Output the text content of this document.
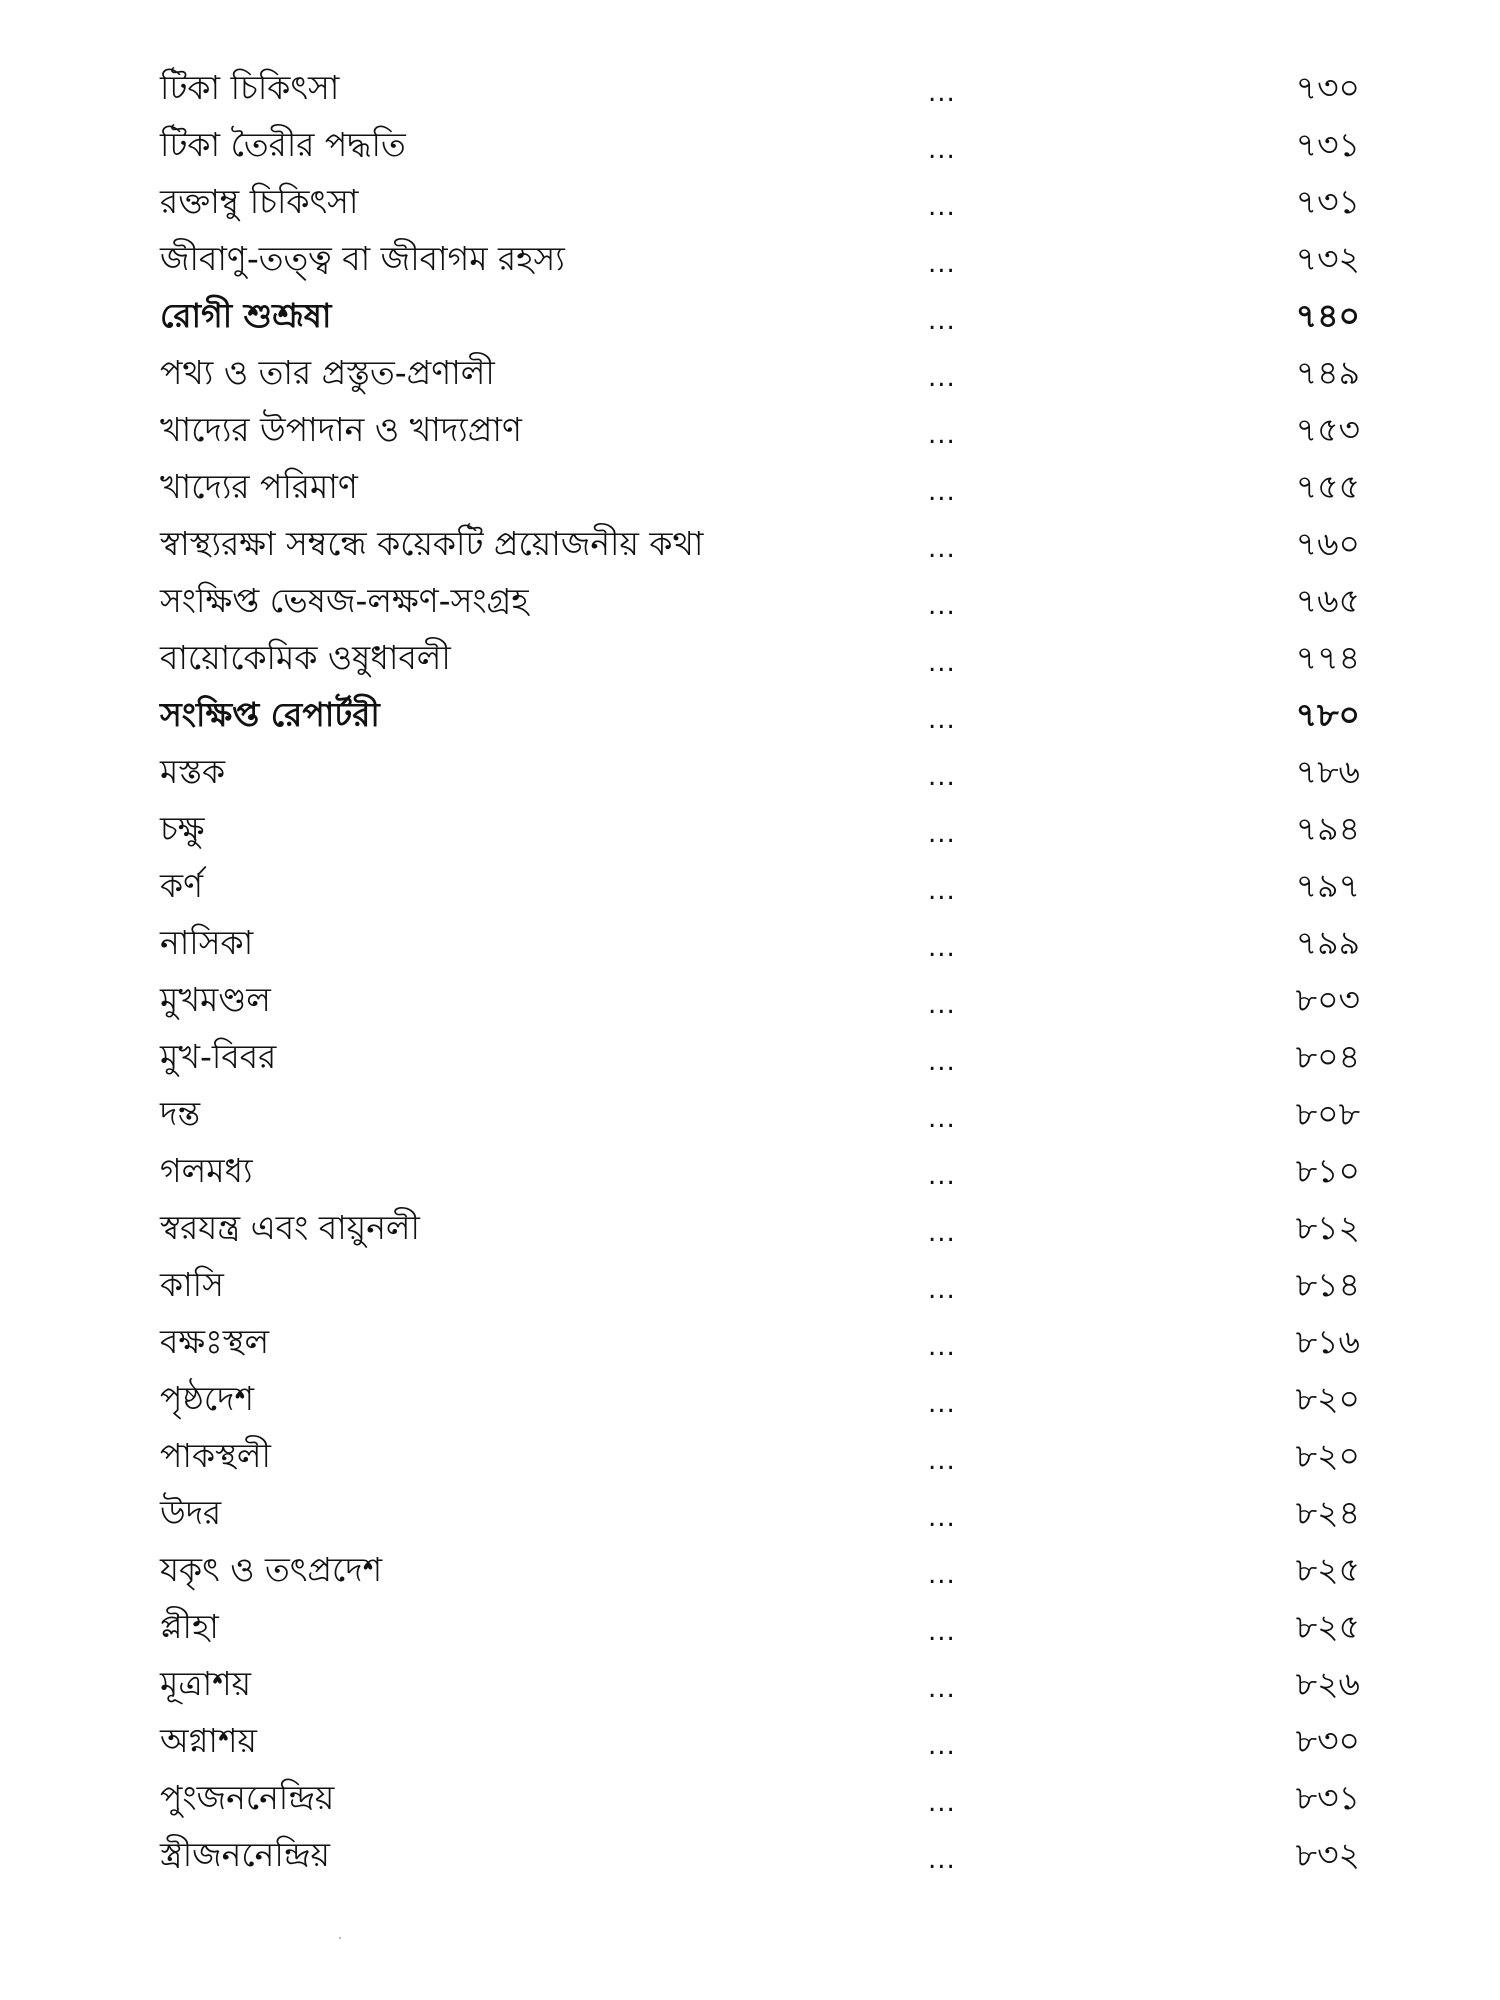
টিকা চিকিৎসা	...	৭৩০
টিকা তৈরীর পদ্ধতি	...	৭৩১
রক্তাম্বু চিকিৎসা	...	৭৩১
জীবাণু-তত্ত্ব বা জীবাগম রহস্য	...	৭৩২
রোগী শুশ্রূষা	...	৭৪০
পথ্য ও তার প্রস্তুত-প্রণালী	...	৭৪৯
খাদ্যের উপাদান ও খাদ্যপ্রাণ	...	৭৫৩
খাদ্যের পরিমাণ	...	৭৫৫
স্বাস্থ্যরক্ষা সম্বন্ধে কয়েকটি প্রয়োজনীয় কথা	...	৭৬০
সংক্ষিপ্ত ভেষজ-লক্ষণ-সংগ্রহ	...	৭৬৫
বায়োকেমিক ওষুধাবলী	...	৭৭৪
সংক্ষিপ্ত রেপার্টরী	...	৭৮০
মস্তক	...	৭৮৬
চক্ষু	...	৭৯৪
কর্ণ	...	৭৯৭
নাসিকা	...	৭৯৯
মুখমণ্ডল	...	৮০৩
মুখ-বিবর	...	৮০৪
দন্ত	...	৮০৮
গলমধ্য	...	৮১০
স্বরযন্ত্র এবং বায়ুনলী	...	৮১২
কাসি	...	৮১৪
বক্ষঃস্থল	...	৮১৬
পৃষ্ঠদেশ	...	৮২০
পাকস্থলী	...	৮২০
উদর	...	৮২৪
যকৃৎ ও তৎপ্রদেশ	...	৮২৫
প্লীহা	...	৮২৫
মূত্রাশয়	...	৮২৬
অগ্নাশয়	...	৮৩০
পুংজননেন্দ্রিয়	...	৮৩১
স্ত্রীজননেন্দ্রিয়	...	৮৩২
